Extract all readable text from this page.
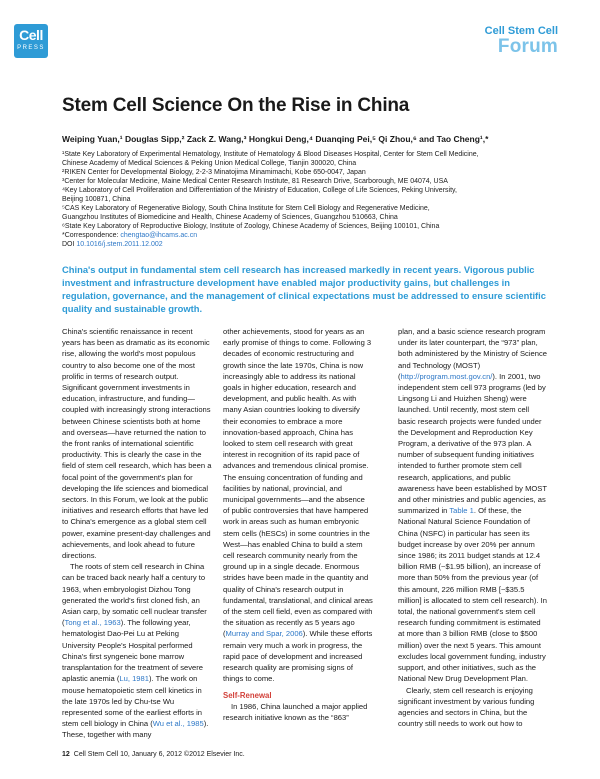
Cell
PRESS
Cell Stem Cell
Forum
Stem Cell Science On the Rise in China
Weiping Yuan,¹ Douglas Sipp,² Zack Z. Wang,³ Hongkui Deng,⁴ Duanqing Pei,⁵ Qi Zhou,⁶ and Tao Cheng¹,*
¹State Key Laboratory of Experimental Hematology, Institute of Hematology & Blood Diseases Hospital, Center for Stem Cell Medicine,
Chinese Academy of Medical Sciences & Peking Union Medical College, Tianjin 300020, China
²RIKEN Center for Developmental Biology, 2-2-3 Minatojima Minamimachi, Kobe 650-0047, Japan
³Center for Molecular Medicine, Maine Medical Center Research Institute, 81 Research Drive, Scarborough, ME 04074, USA
⁴Key Laboratory of Cell Proliferation and Differentiation of the Ministry of Education, College of Life Sciences, Peking University,
Beijing 100871, China
⁵CAS Key Laboratory of Regenerative Biology, South China Institute for Stem Cell Biology and Regenerative Medicine,
Guangzhou Institutes of Biomedicine and Health, Chinese Academy of Sciences, Guangzhou 510663, China
⁶State Key Laboratory of Reproductive Biology, Institute of Zoology, Chinese Academy of Sciences, Beijing 100101, China
*Correspondence: chengtao@ihcams.ac.cn
DOI 10.1016/j.stem.2011.12.002
China's output in fundamental stem cell research has increased markedly in recent years. Vigorous public investment and infrastructure development have enabled major productivity gains, but challenges in regulation, governance, and the management of clinical expectations must be addressed to ensure scientific quality and sustainable growth.

China's scientific renaissance in recent years has been as dramatic as its economic rise, allowing the world's most populous country to also become one of the most prolific in terms of research output. Significant government investments in education, infrastructure, and funding—coupled with increasingly strong interactions between Chinese scientists both at home and overseas—have returned the nation to the front ranks of international scientific productivity. This is clearly the case in the field of stem cell research, which has been a focal point of the government's plan for developing the life sciences and biomedical sectors. In this Forum, we look at the public initiatives and research efforts that have led to China's emergence as a global stem cell power, examine present-day challenges and achievements, and look ahead to future directions.

The roots of stem cell research in China can be traced back nearly half a century to 1963, when embryologist Dizhou Tong generated the world's first cloned fish, an Asian carp, by somatic cell nuclear transfer (Tong et al., 1963). The following year, hematologist Dao-Pei Lu at Peking University People's Hospital performed China's first syngeneic bone marrow transplantation for the treatment of severe aplastic anemia (Lu, 1981). The work on mouse hematopoietic stem cell kinetics in the late 1970s led by Chu-tse Wu represented some of the earliest efforts in stem cell biology in China (Wu et al., 1985). These, together with many

other achievements, stood for years as an early promise of things to come. Following 3 decades of economic restructuring and growth since the late 1970s, China is now increasingly able to address its national goals in higher education, research and development, and public health. As with many Asian countries looking to diversify their economies to embrace a more innovation-based approach, China has looked to stem cell research with great interest in recognition of its rapid pace of advances and tremendous clinical promise. The ensuing concentration of funding and facilities by national, provincial, and municipal governments—and the absence of public controversies that have hampered work in areas such as human embryonic stem cells (hESCs) in some countries in the West—has enabled China to build a stem cell research community nearly from the ground up in a single decade. Enormous strides have been made in the quantity and quality of China's research output in fundamental, translational, and clinical areas of the stem cell field, even as compared with the situation as recently as 5 years ago (Murray and Spar, 2006). While these efforts remain very much a work in progress, the rapid pace of development and increased research quality are promising signs of things to come.

Self-Renewal

In 1986, China launched a major applied research initiative known as the “863”

plan, and a basic science research program under its later counterpart, the “973” plan, both administered by the Ministry of Science and Technology (MOST) (http://program.most.gov.cn/). In 2001, two independent stem cell 973 programs (led by Lingsong Li and Huizhen Sheng) were launched. Until recently, most stem cell basic research projects were funded under the Development and Reproduction Key Program, a derivative of the 973 plan. A number of subsequent funding initiatives intended to further promote stem cell research, applications, and public awareness have been established by MOST and other ministries and public agencies, as summarized in Table 1. Of these, the National Natural Science Foundation of China (NSFC) in particular has seen its budget increase by over 20% per annum since 1986; its 2011 budget stands at 12.4 billion RMB (~$1.95 billion), an increase of more than 50% from the previous year (of this amount, 226 million RMB [~$35.5 million] is allocated to stem cell research). In total, the national government's stem cell research funding commitment is estimated at more than 3 billion RMB (close to $500 million) over the next 5 years. This amount excludes local government funding, industry support, and other initiatives, such as the National New Drug Development Plan.

Clearly, stem cell research is enjoying significant investment by various funding agencies and sectors in China, but the country still needs to work out how to

12 Cell Stem Cell 10, January 6, 2012 ©2012 Elsevier Inc.
